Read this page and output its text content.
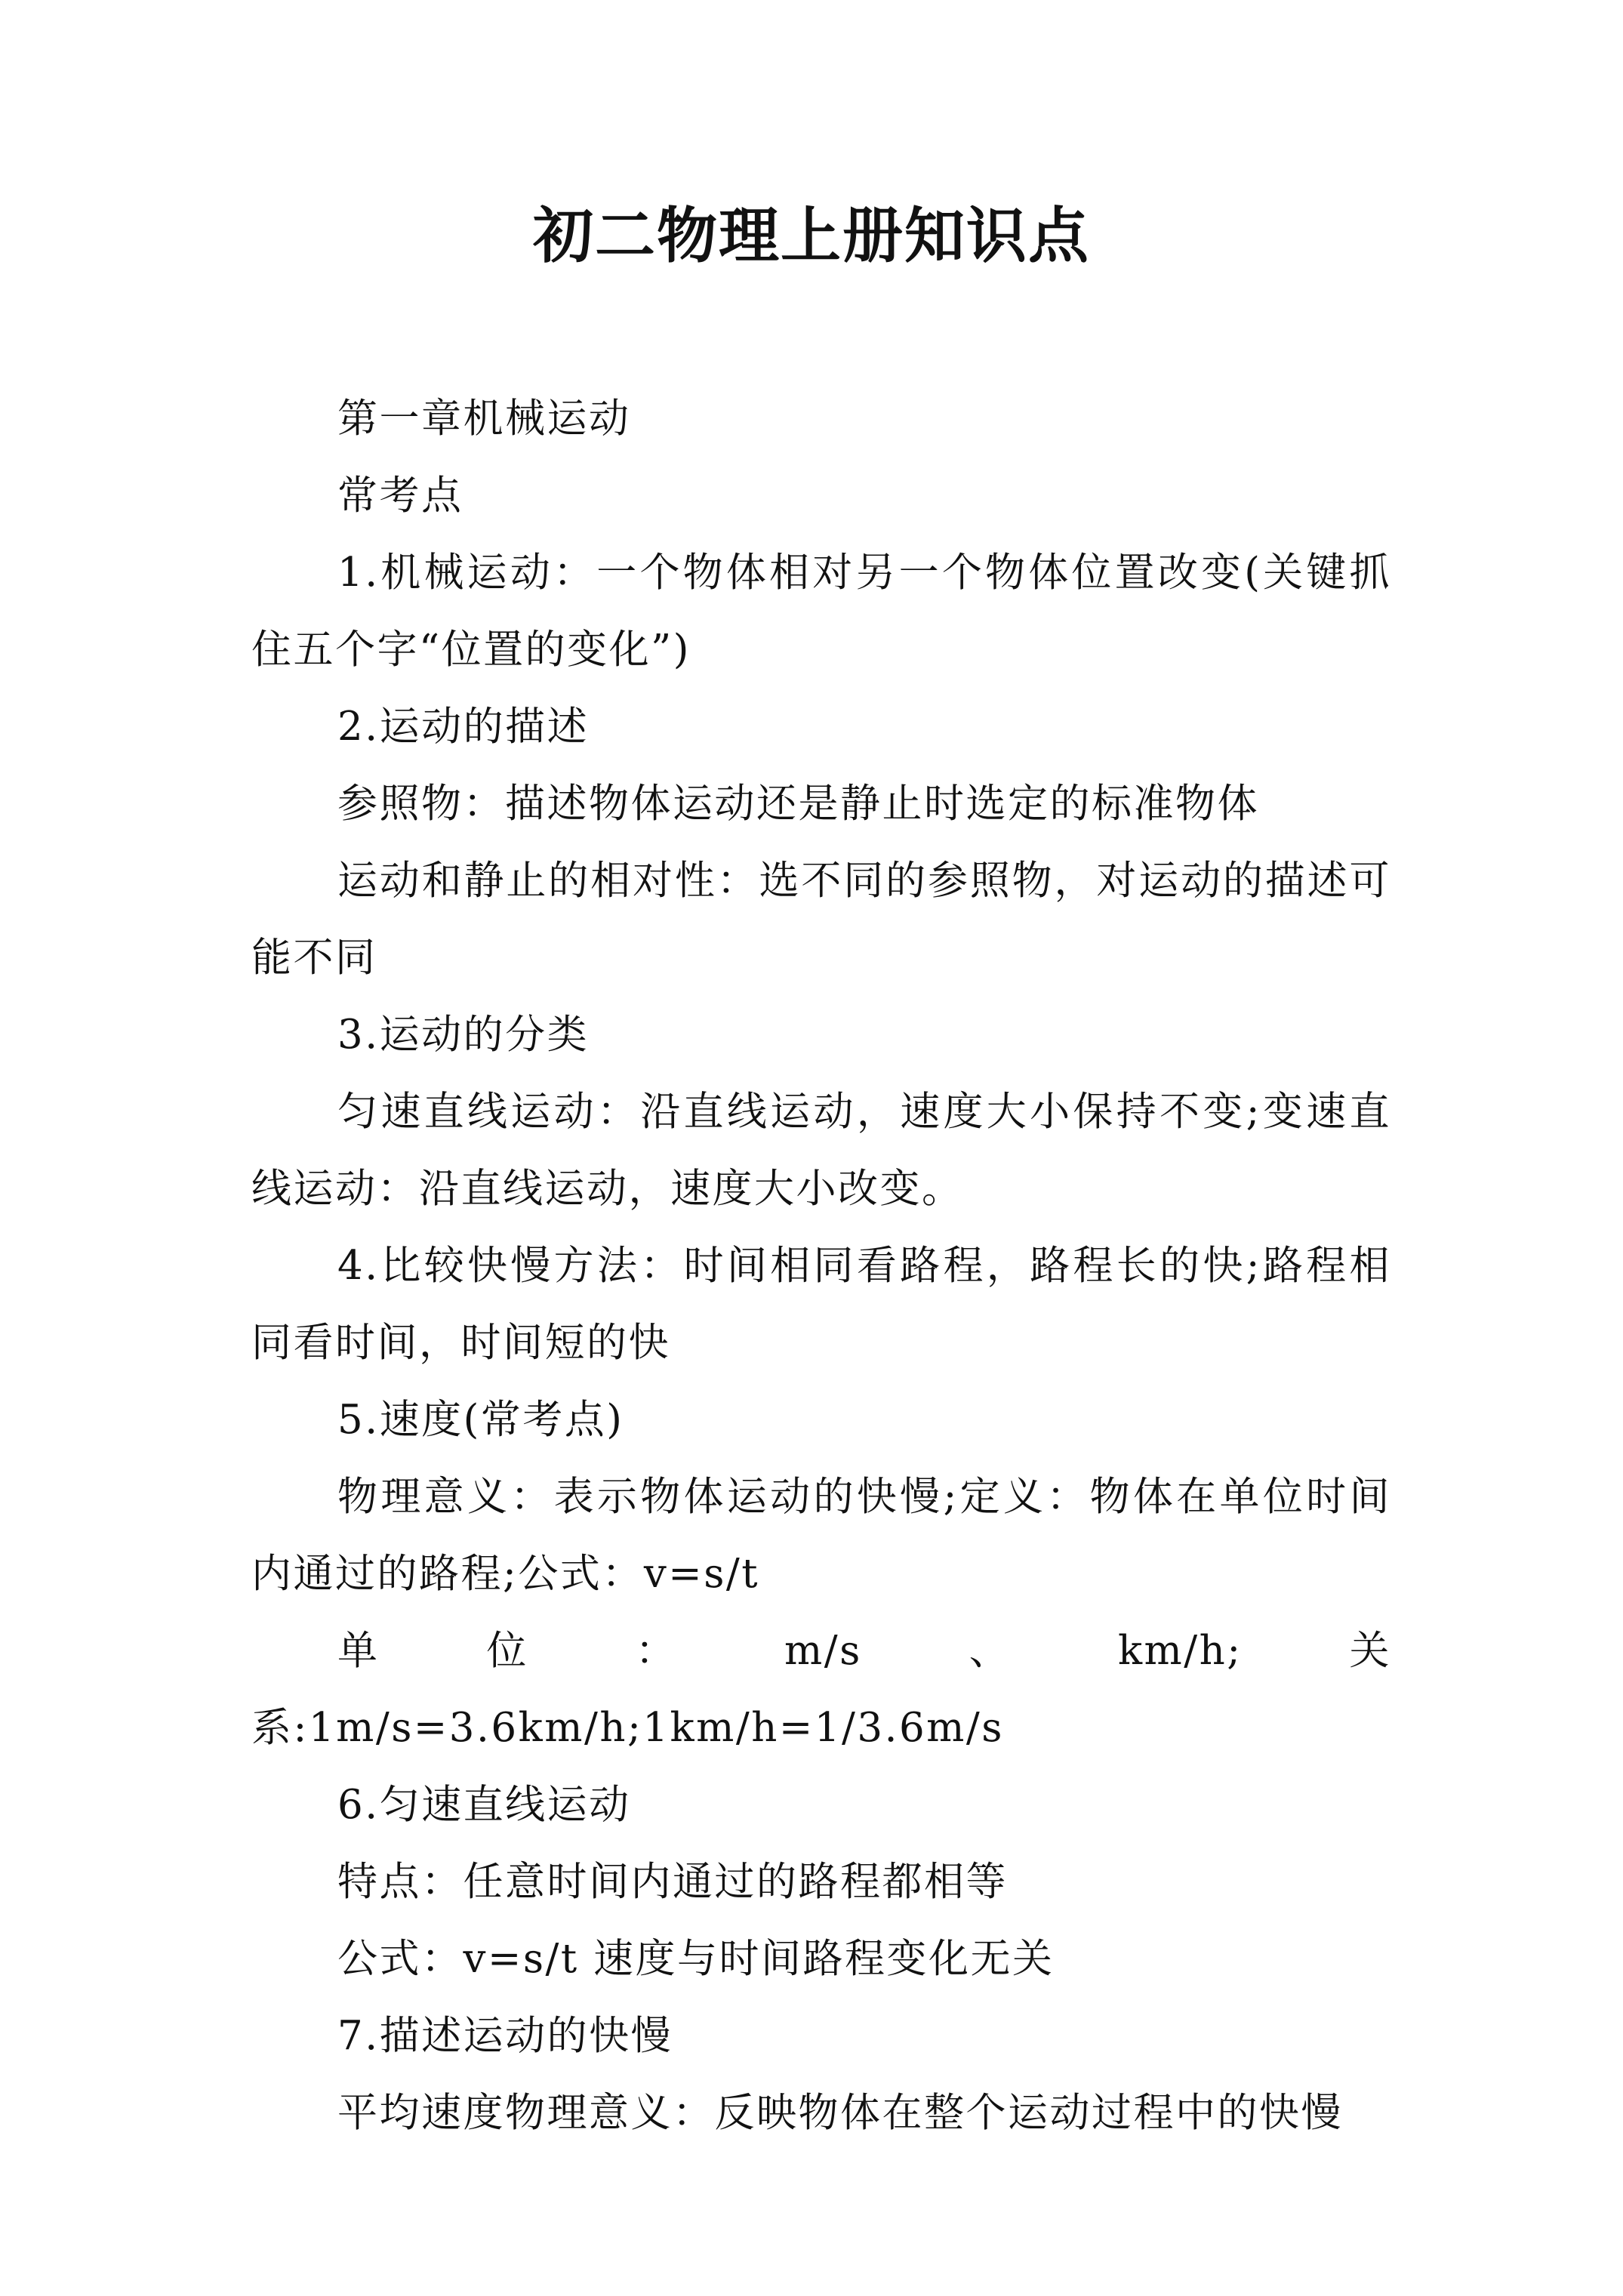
初二物理上册知识点

第一章机械运动

常考点

1.机械运动：一个物体相对另一个物体位置改变(关键抓住五个字“位置的变化”)

2.运动的描述

参照物：描述物体运动还是静止时选定的标准物体

运动和静止的相对性：选不同的参照物，对运动的描述可能不同

3.运动的分类

匀速直线运动：沿直线运动，速度大小保持不变;变速直线运动：沿直线运动，速度大小改变。

4.比较快慢方法：时间相同看路程，路程长的快;路程相同看时间，时间短的快

5.速度(常考点)

物理意义：表示物体运动的快慢;定义：物体在单位时间内通过的路程;公式：v=s/t

单位：m/s、km/h;关系:1m/s=3.6km/h;1km/h=1/3.6m/s

6.匀速直线运动

特点：任意时间内通过的路程都相等

公式：v=s/t 速度与时间路程变化无关

7.描述运动的快慢

平均速度物理意义：反映物体在整个运动过程中的快慢
